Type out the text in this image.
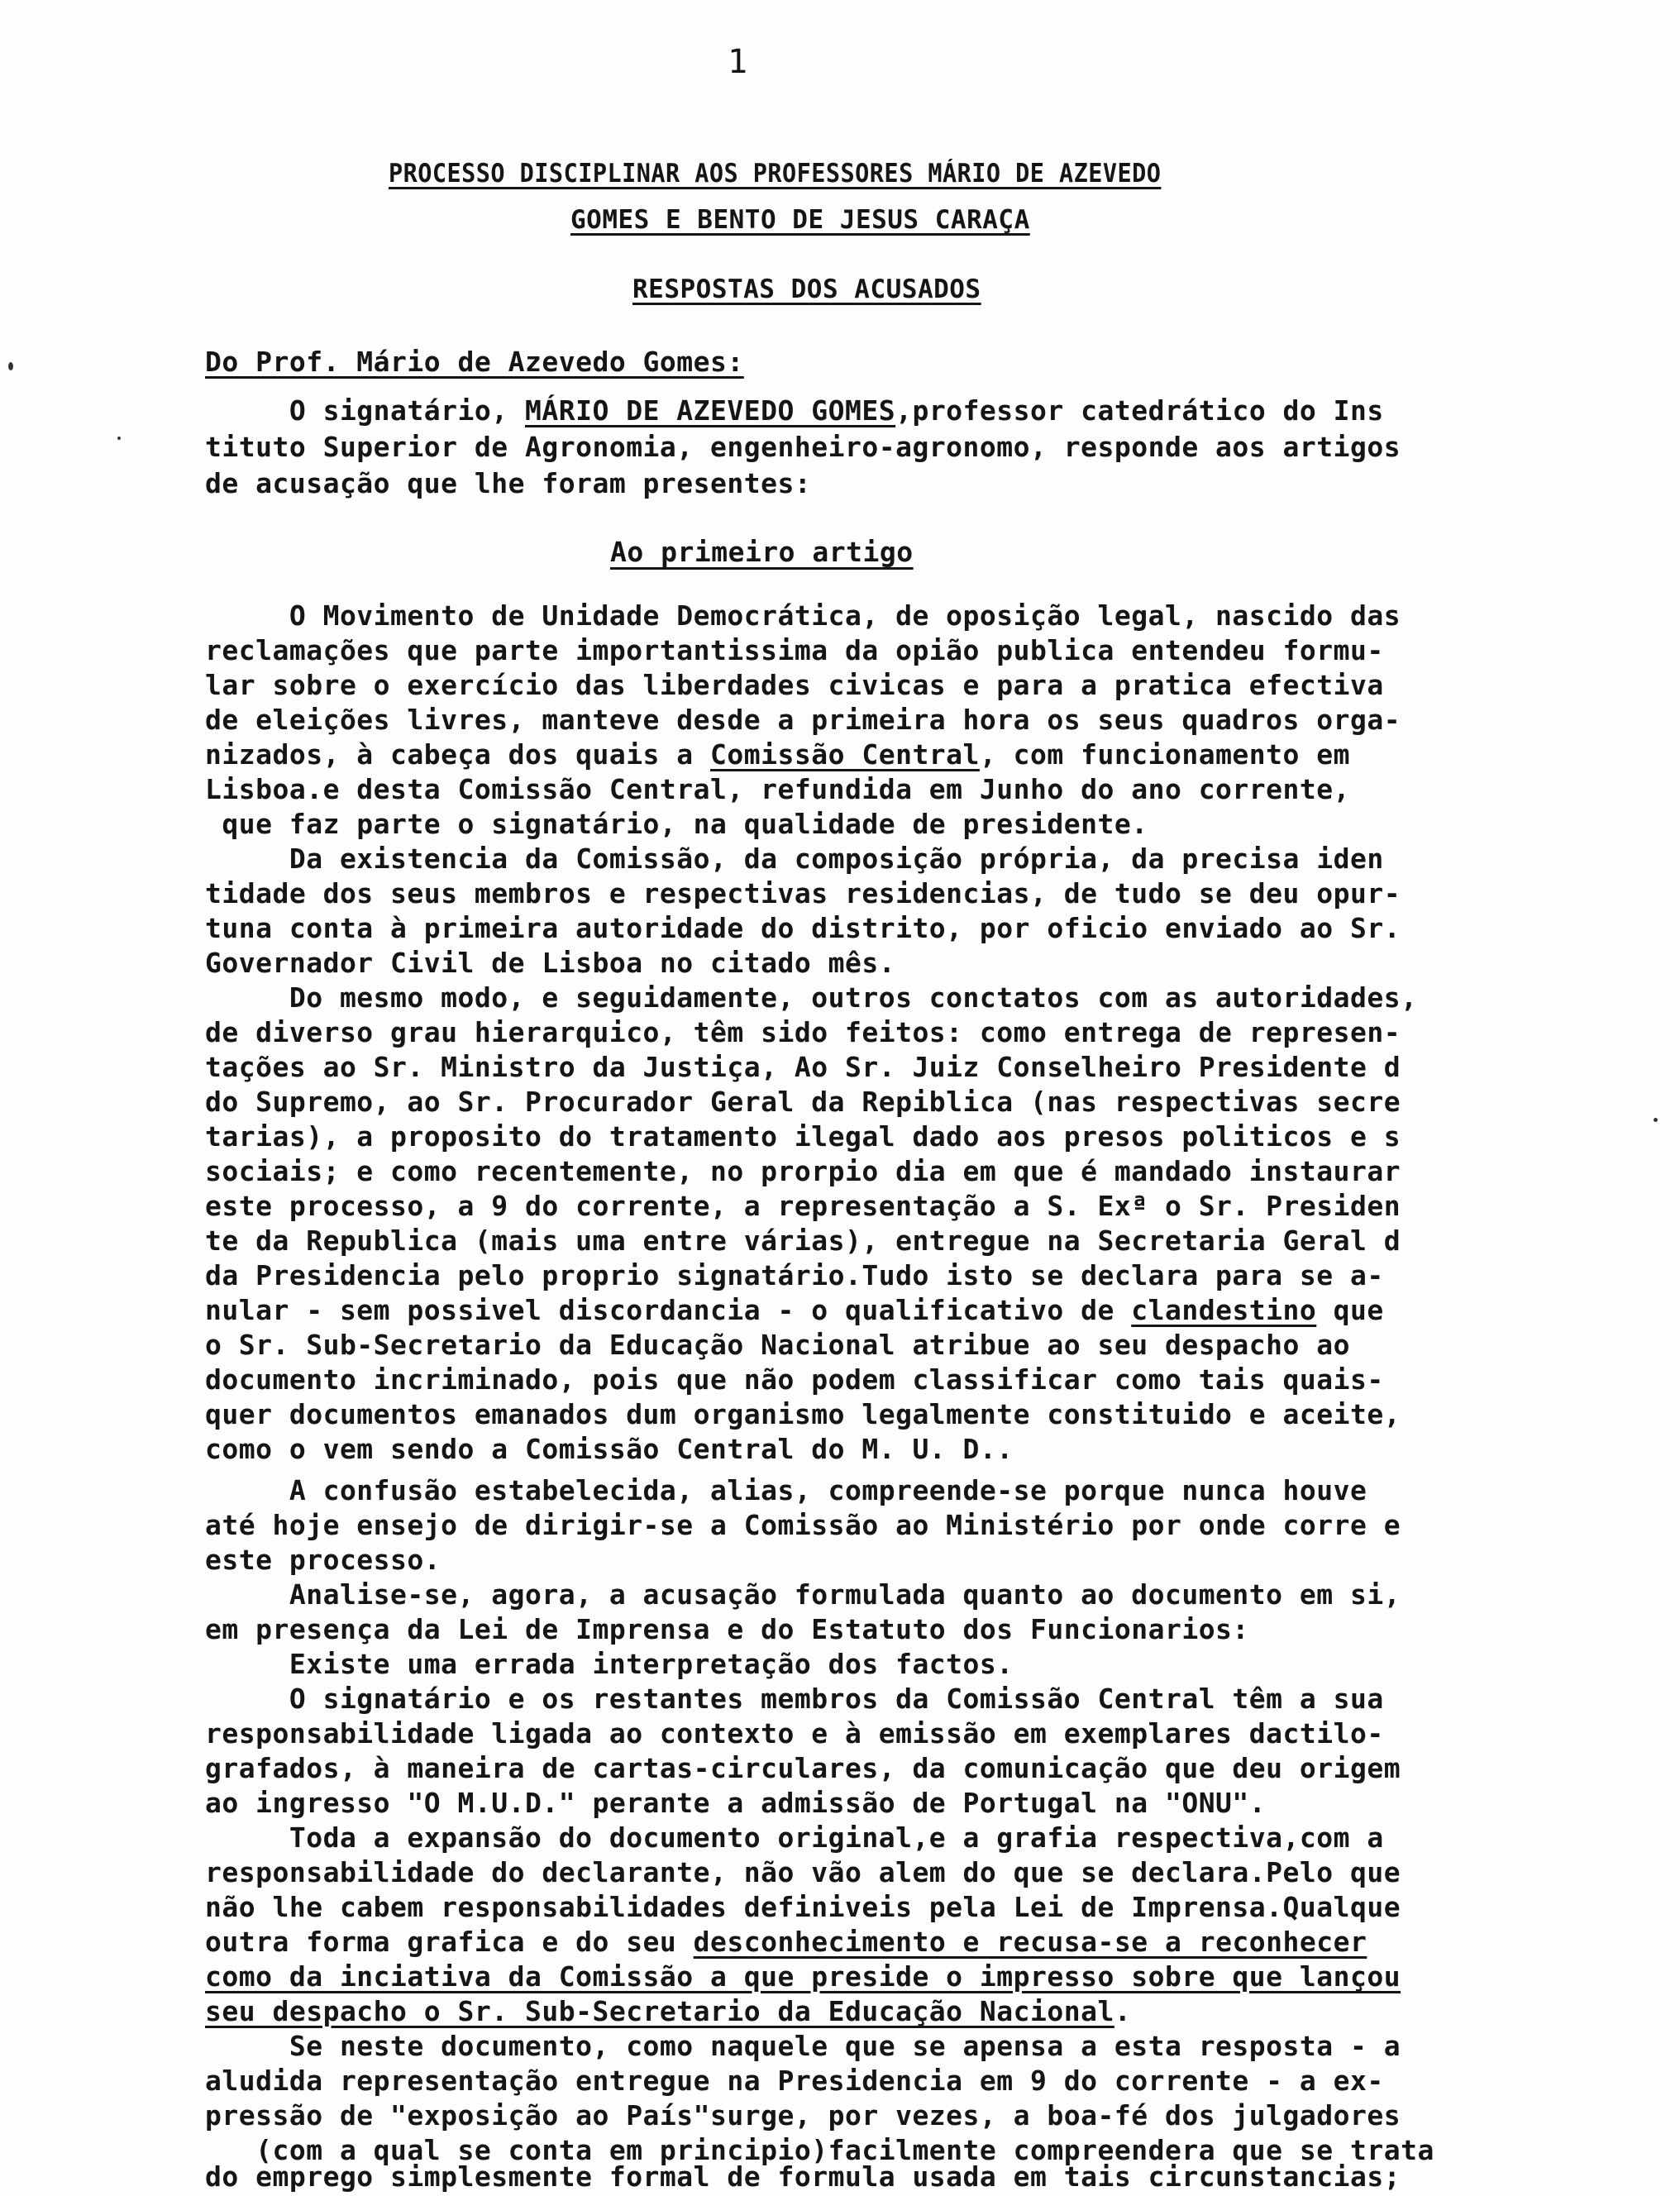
1
PROCESSO DISCIPLINAR AOS PROFESSORES MÁRIO DE AZEVEDO
GOMES E BENTO DE JESUS CARAÇA
RESPOSTAS DOS ACUSADOS
Do Prof. Mário de Azevedo Gomes:
O signatário, MÁRIO DE AZEVEDO GOMES,professor catedrático do Ins
tituto Superior de Agronomia, engenheiro-agronomo, responde aos artigos
de acusação que lhe foram presentes:
Ao primeiro artigo
O Movimento de Unidade Democrática, de oposição legal, nascido das
reclamações que parte importantissima da opião publica entendeu formu-
lar sobre o exercício das liberdades civicas e para a pratica efectiva
de eleições livres, manteve desde a primeira hora os seus quadros orga-
nizados, à cabeça dos quais a Comissão Central, com funcionamento em
Lisboa.e desta Comissão Central, refundida em Junho do ano corrente,
que faz parte o signatário, na qualidade de presidente.
Da existencia da Comissão, da composição própria, da precisa iden
tidade dos seus membros e respectivas residencias, de tudo se deu opur-
tuna conta à primeira autoridade do distrito, por oficio enviado ao Sr.
Governador Civil de Lisboa no citado mês.
Do mesmo modo, e seguidamente, outros conctatos com as autoridades,
de diverso grau hierarquico, têm sido feitos: como entrega de represen-
tações ao Sr. Ministro da Justiça, Ao Sr. Juiz Conselheiro Presidente d
do Supremo, ao Sr. Procurador Geral da Repiblica (nas respectivas secre
tarias), a proposito do tratamento ilegal dado aos presos politicos e s
sociais; e como recentemente, no prorpio dia em que é mandado instaurar
este processo, a 9 do corrente, a representação a S. Exª o Sr. Presiden
te da Republica (mais uma entre várias), entregue na Secretaria Geral d
da Presidencia pelo proprio signatário.Tudo isto se declara para se a-
nular - sem possivel discordancia - o qualificativo de clandestino que
o Sr. Sub-Secretario da Educação Nacional atribue ao seu despacho ao
documento incriminado, pois que não podem classificar como tais quais-
quer documentos emanados dum organismo legalmente constituido e aceite,
como o vem sendo a Comissão Central do M. U. D..
A confusão estabelecida, alias, compreende-se porque nunca houve
até hoje ensejo de dirigir-se a Comissão ao Ministério por onde corre e
este processo.
Analise-se, agora, a acusação formulada quanto ao documento em si,
em presença da Lei de Imprensa e do Estatuto dos Funcionarios:
Existe uma errada interpretação dos factos.
O signatário e os restantes membros da Comissão Central têm a sua
responsabilidade ligada ao contexto e à emissão em exemplares dactilo-
grafados, à maneira de cartas-circulares, da comunicação que deu origem
ao ingresso "O M.U.D." perante a admissão de Portugal na "ONU".
Toda a expansão do documento original,e a grafia respectiva,com a
responsabilidade do declarante, não vão alem do que se declara.Pelo que
não lhe cabem responsabilidades definiveis pela Lei de Imprensa.Qualque
outra forma grafica e do seu desconhecimento e recusa-se a reconhecer
como da inciativa da Comissão a que preside o impresso sobre que lançou
seu despacho o Sr. Sub-Secretario da Educação Nacional.
Se neste documento, como naquele que se apensa a esta resposta - a
aludida representação entregue na Presidencia em 9 do corrente - a ex-
pressão de "exposição ao País"surge, por vezes, a boa-fé dos julgadores
(com a qual se conta em principio)facilmente compreendera que se trata
do emprego simplesmente formal de formula usada em tais circunstancias;
